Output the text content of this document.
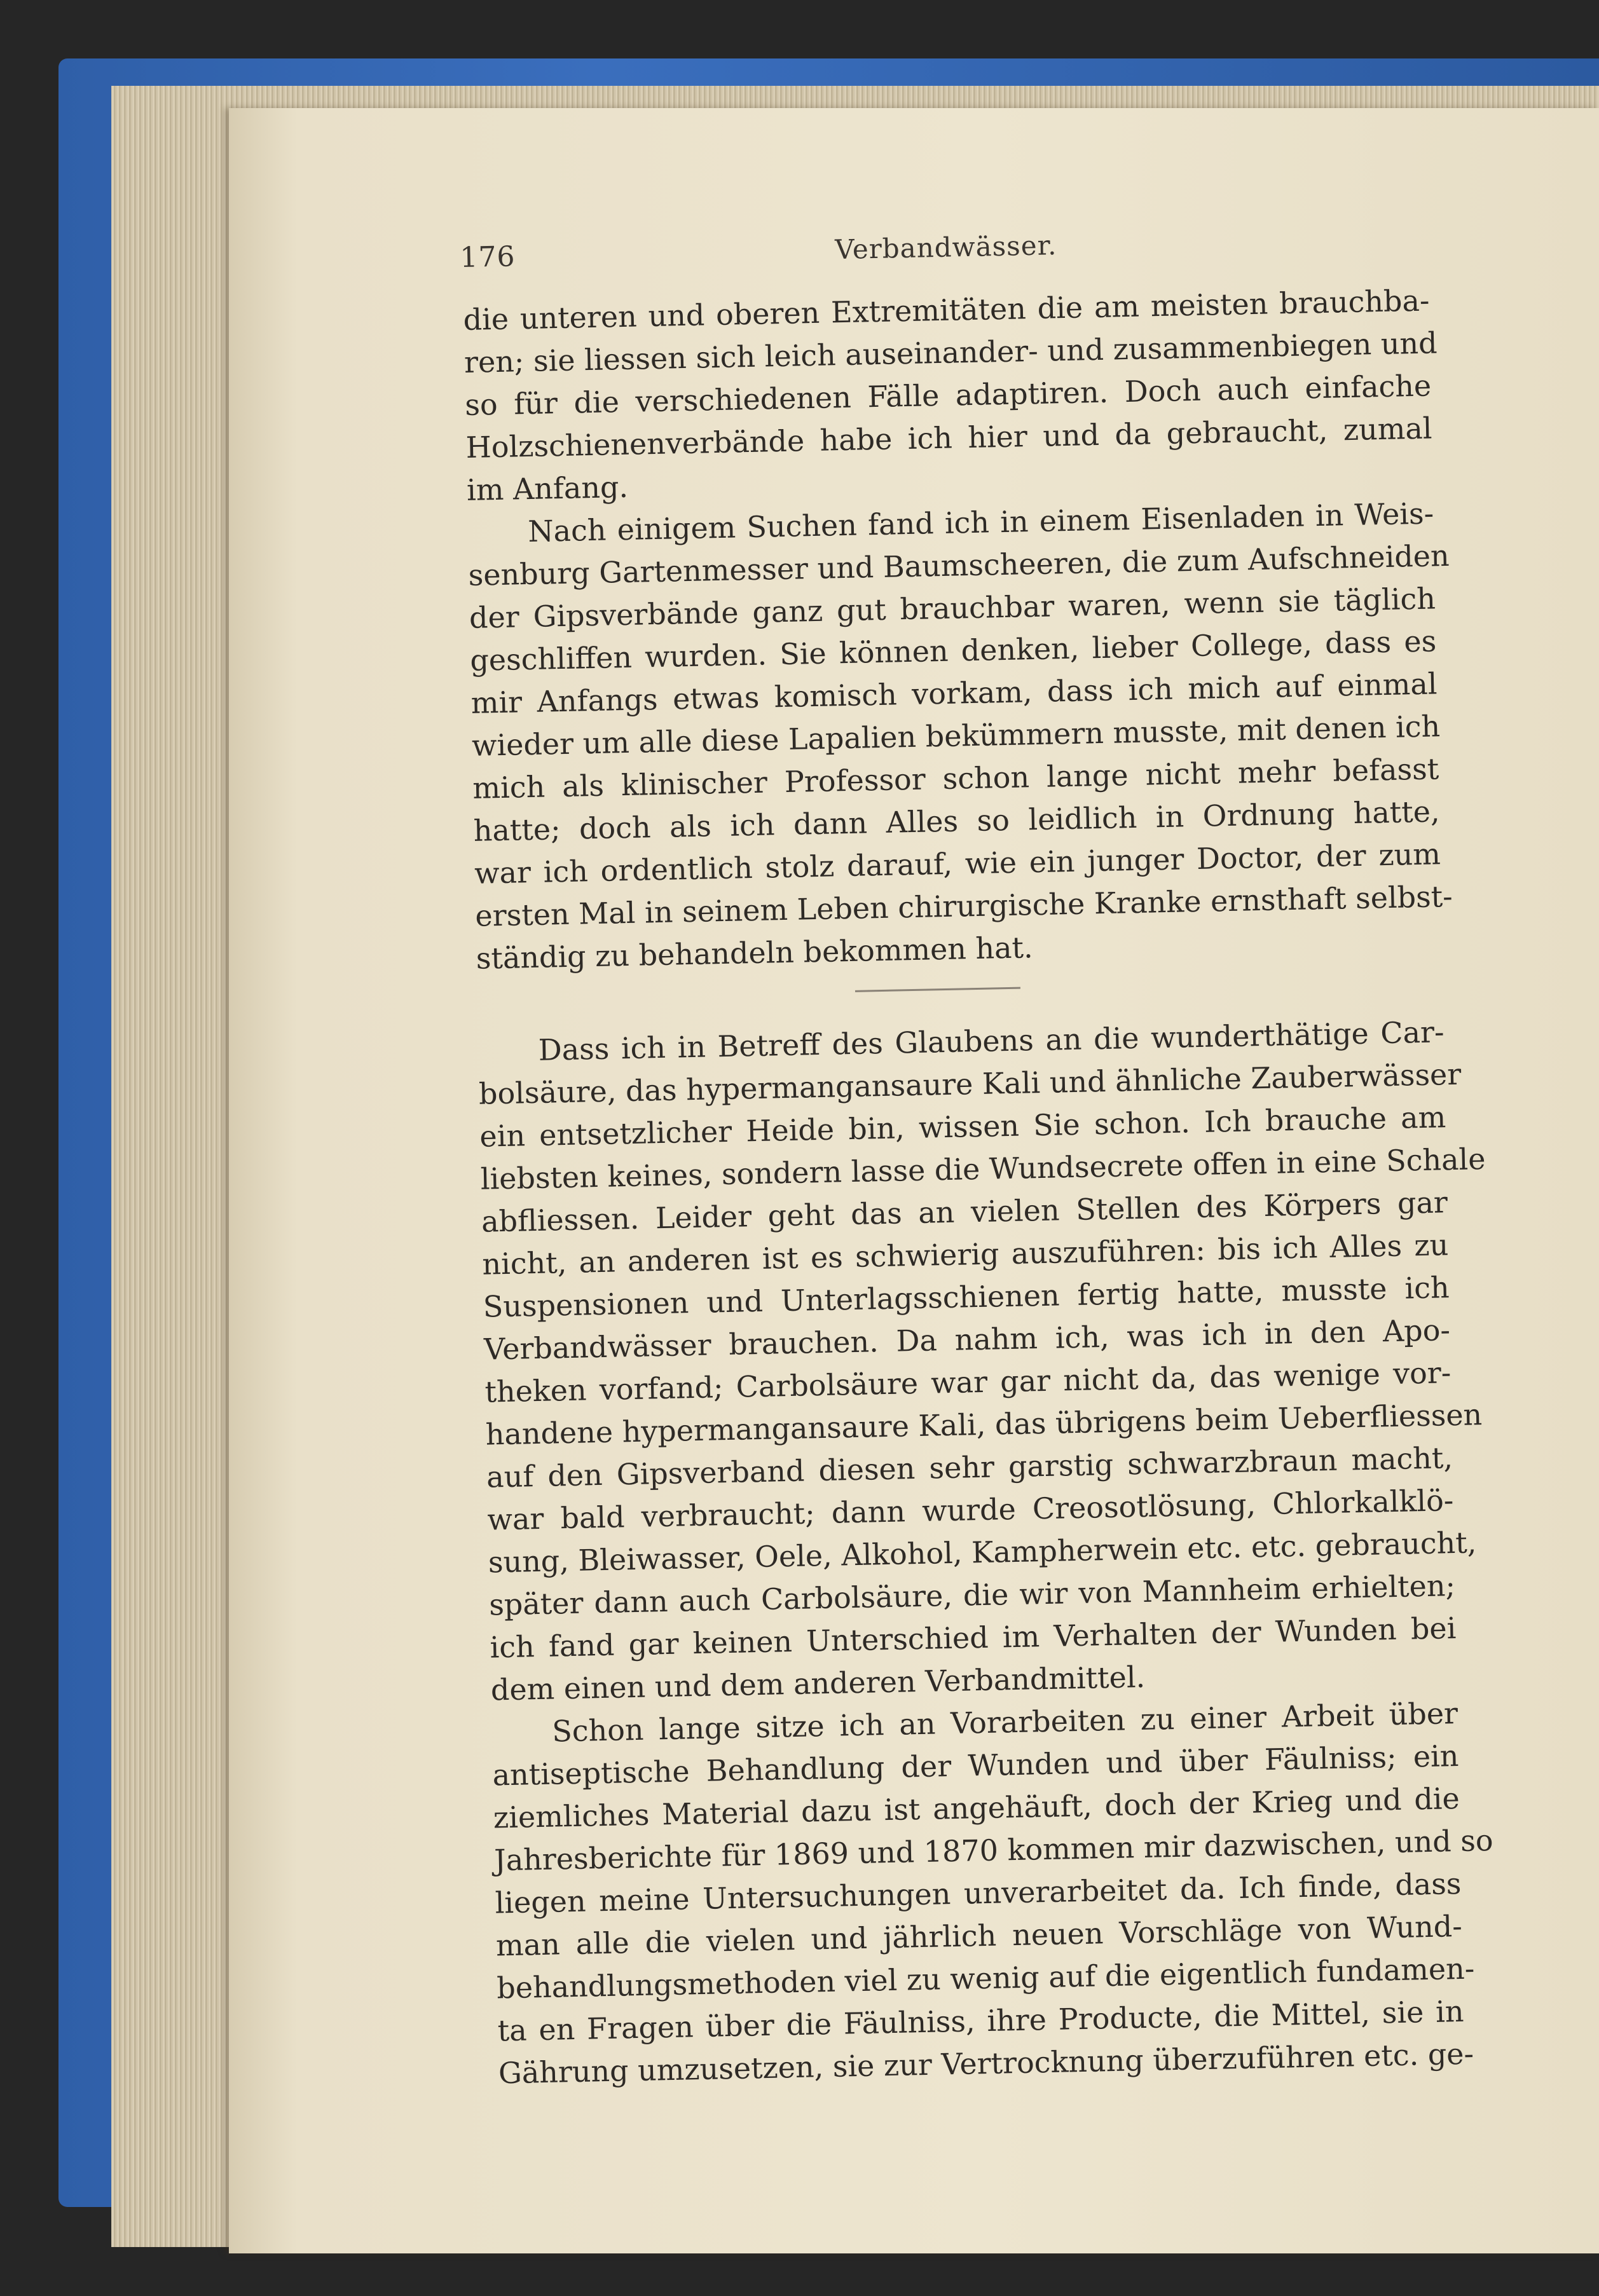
176	Verbandwässer.
die unteren und oberen Extremitäten die am meisten brauchba-
ren; sie liessen sich leich auseinander- und zusammenbiegen und
so für die verschiedenen Fälle adaptiren. Doch auch einfache
Holzschienenverbände habe ich hier und da gebraucht, zumal
im Anfang.
Nach einigem Suchen fand ich in einem Eisenladen in Weis-
senburg Gartenmesser und Baumscheeren, die zum Aufschneiden
der Gipsverbände ganz gut brauchbar waren, wenn sie täglich
geschliffen wurden. Sie können denken, lieber College, dass es
mir Anfangs etwas komisch vorkam, dass ich mich auf einmal
wieder um alle diese Lapalien bekümmern musste, mit denen ich
mich als klinischer Professor schon lange nicht mehr befasst
hatte; doch als ich dann Alles so leidlich in Ordnung hatte,
war ich ordentlich stolz darauf, wie ein junger Doctor, der zum
ersten Mal in seinem Leben chirurgische Kranke ernsthaft selbst-
ständig zu behandeln bekommen hat.
Dass ich in Betreff des Glaubens an die wunderthätige Car-
bolsäure, das hypermangansaure Kali und ähnliche Zauberwässer
ein entsetzlicher Heide bin, wissen Sie schon. Ich brauche am
liebsten keines, sondern lasse die Wundsecrete offen in eine Schale
abfliessen. Leider geht das an vielen Stellen des Körpers gar
nicht, an anderen ist es schwierig auszuführen: bis ich Alles zu
Suspensionen und Unterlagsschienen fertig hatte, musste ich
Verbandwässer brauchen. Da nahm ich, was ich in den Apo-
theken vorfand; Carbolsäure war gar nicht da, das wenige vor-
handene hypermangansaure Kali, das übrigens beim Ueberfliessen
auf den Gipsverband diesen sehr garstig schwarzbraun macht,
war bald verbraucht; dann wurde Creosotlösung, Chlorkalklö-
sung, Bleiwasser, Oele, Alkohol, Kampherwein etc. etc. gebraucht,
später dann auch Carbolsäure, die wir von Mannheim erhielten;
ich fand gar keinen Unterschied im Verhalten der Wunden bei
dem einen und dem anderen Verbandmittel.
Schon lange sitze ich an Vorarbeiten zu einer Arbeit über
antiseptische Behandlung der Wunden und über Fäulniss; ein
ziemliches Material dazu ist angehäuft, doch der Krieg und die
Jahresberichte für 1869 und 1870 kommen mir dazwischen, und so
liegen meine Untersuchungen unverarbeitet da. Ich finde, dass
man alle die vielen und jährlich neuen Vorschläge von Wund-
behandlungsmethoden viel zu wenig auf die eigentlich fundamen-
ta en Fragen über die Fäulniss, ihre Producte, die Mittel, sie in
Gährung umzusetzen, sie zur Vertrocknung überzuführen etc. ge-
